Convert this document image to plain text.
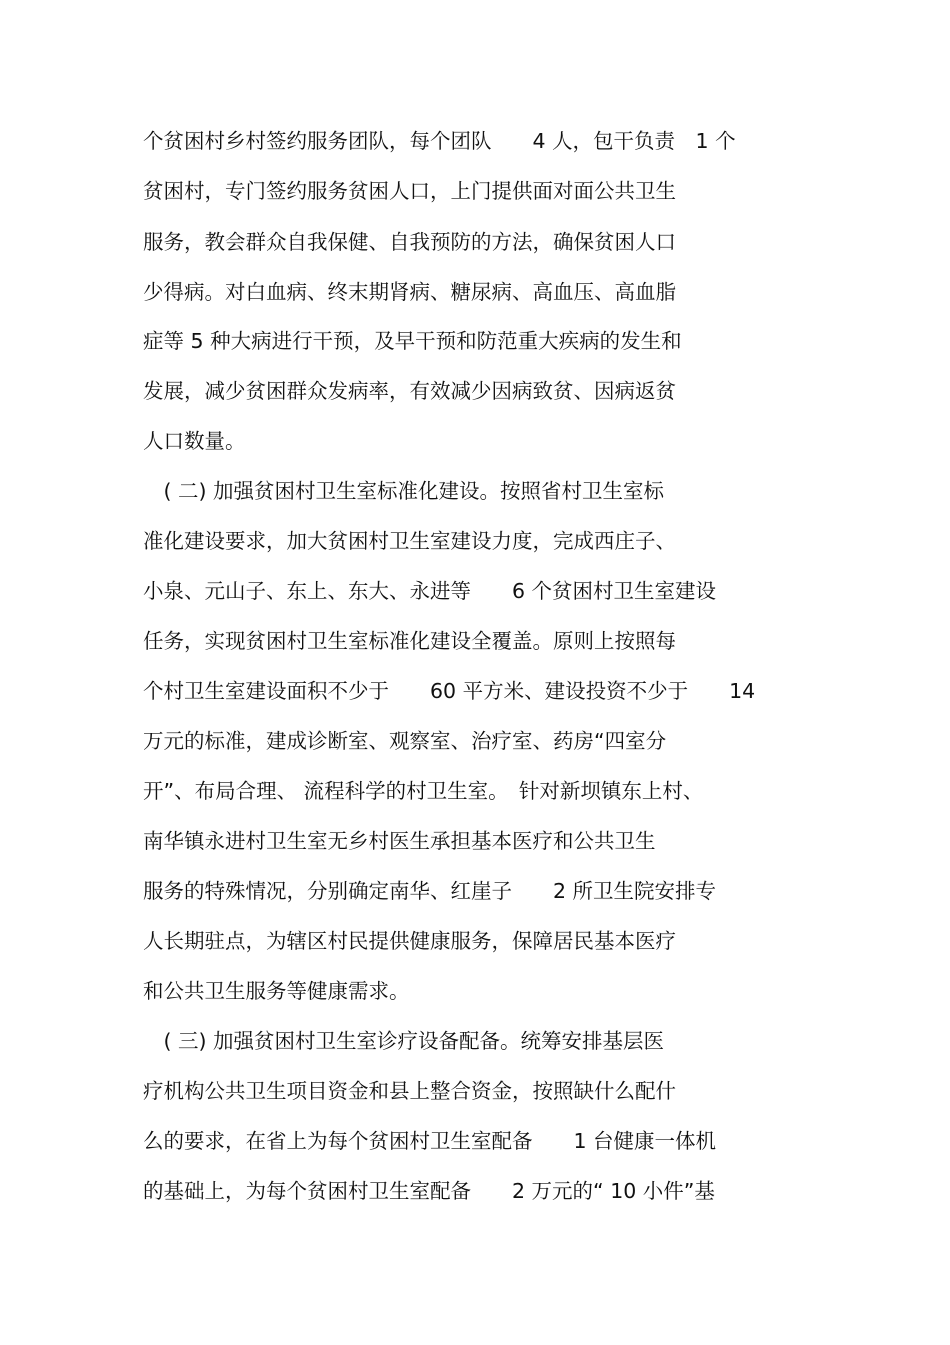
个贫困村乡村签约服务团队，每个团队　　4 人，包干负责　1 个
贫困村，专门签约服务贫困人口，上门提供面对面公共卫生
服务，教会群众自我保健、自我预防的方法，确保贫困人口
少得病。对白血病、终末期肾病、糖尿病、高血压、高血脂
症等 5 种大病进行干预，及早干预和防范重大疾病的发生和
发展，减少贫困群众发病率，有效减少因病致贫、因病返贫
人口数量。
　( 二) 加强贫困村卫生室标准化建设。按照省村卫生室标
准化建设要求，加大贫困村卫生室建设力度，完成西庄子、
小泉、元山子、东上、东大、永进等　　6 个贫困村卫生室建设
任务，实现贫困村卫生室标准化建设全覆盖。原则上按照每
个村卫生室建设面积不少于　　60 平方米、建设投资不少于　　14
万元的标准，建成诊断室、观察室、治疗室、药房“四室分
开”、布局合理、 流程科学的村卫生室。　针对新坝镇东上村、
南华镇永进村卫生室无乡村医生承担基本医疗和公共卫生
服务的特殊情况，分别确定南华、红崖子　　2 所卫生院安排专
人长期驻点，为辖区村民提供健康服务，保障居民基本医疗
和公共卫生服务等健康需求。
　( 三) 加强贫困村卫生室诊疗设备配备。统筹安排基层医
疗机构公共卫生项目资金和县上整合资金，按照缺什么配什
么的要求，在省上为每个贫困村卫生室配备　　1 台健康一体机
的基础上，为每个贫困村卫生室配备　　2 万元的“ 10 小件”基
